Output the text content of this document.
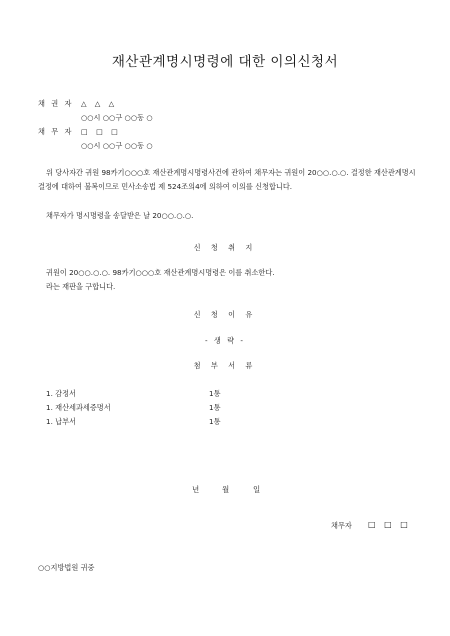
재산관계명시명령에 대한 이의신청서
채 권 자 △ △ △
○○시 ○○구 ○○동 ○
채 무 자 □ □ □
○○시 ○○구 ○○동 ○
위 당사자간 귀원 98카기○○○호 재산관계명시명령사건에 관하여 채무자는 귀원이 20○○.○.○. 결정한 재산관계명시결정에 대하여 불복이므로 민사소송법 제 524조의4에 의하여 이의를 신청합니다.
채무자가 명시명령을 송달받은 날 20○○.○.○.
신 청 취 지
귀원이 20○○.○.○. 98카기○○○호 재산관계명시명령은 이를 취소한다.
라는 재판을 구합니다.
신 청 이 유
- 생 략 -
첨 부 서 류
1. 감정서	1통
1. 재산세과세증명서	1통
1. 납부서	1통
년	월	일
채무자 □ □ □
○○지방법원 귀중
